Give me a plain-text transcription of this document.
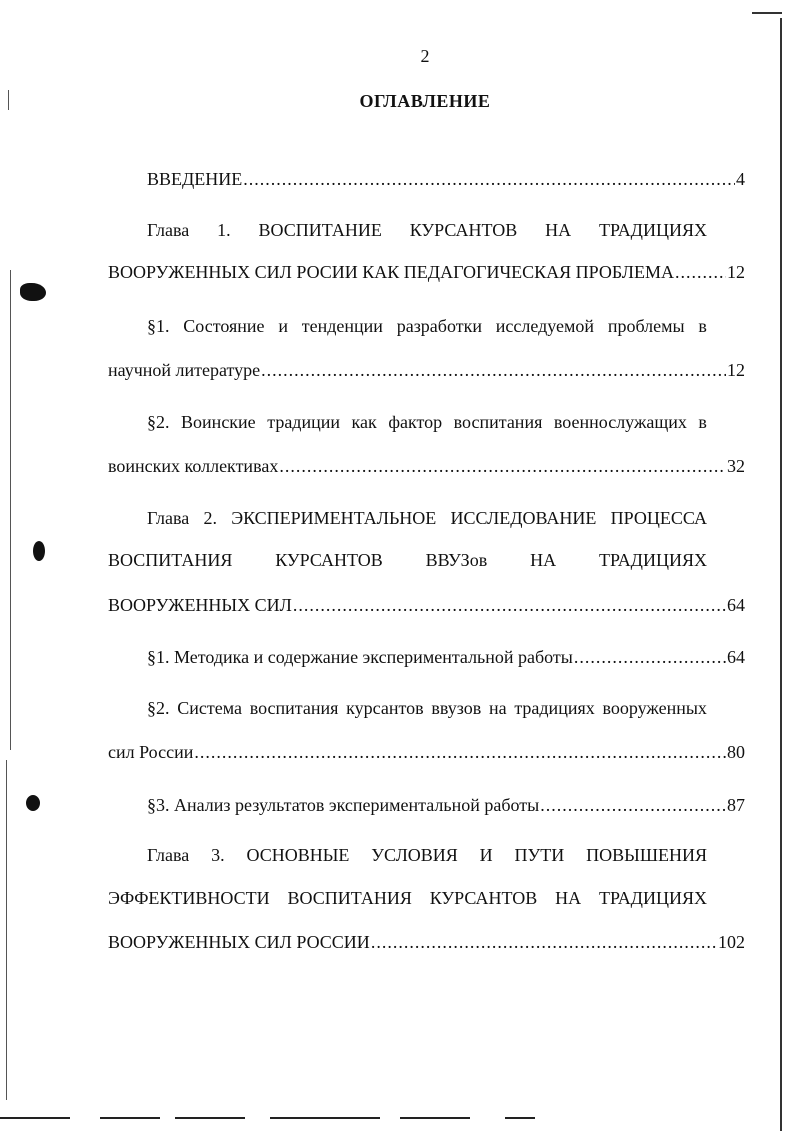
2
ОГЛАВЛЕНИЕ
ВВЕДЕНИЕ .....	4
Глава 1. ВОСПИТАНИЕ КУРСАНТОВ НА ТРАДИЦИЯХ
ВООРУЖЕННЫХ СИЛ РОСИИ КАК ПЕДАГОГИЧЕСКАЯ ПРОБЛЕМА .....	12
§1. Состояние и тенденции разработки исследуемой проблемы в
научной литературе .....	12
§2. Воинские традиции как фактор воспитания военнослужащих в
воинских коллективах .....	32
Глава 2. ЭКСПЕРИМЕНТАЛЬНОЕ ИССЛЕДОВАНИЕ ПРОЦЕССА
ВОСПИТАНИЯ КУРСАНТОВ ВВУЗов НА ТРАДИЦИЯХ
ВООРУЖЕННЫХ СИЛ .....	64
§1. Методика и содержание экспериментальной работы .....	64
§2. Система воспитания курсантов ввузов на традициях вооруженных
сил России .....	80
§3. Анализ результатов экспериментальной работы .....	87
Глава 3. ОСНОВНЫЕ УСЛОВИЯ И ПУТИ ПОВЫШЕНИЯ
ЭФФЕКТИВНОСТИ ВОСПИТАНИЯ КУРСАНТОВ НА ТРАДИЦИЯХ
ВООРУЖЕННЫХ СИЛ РОССИИ .....	102
